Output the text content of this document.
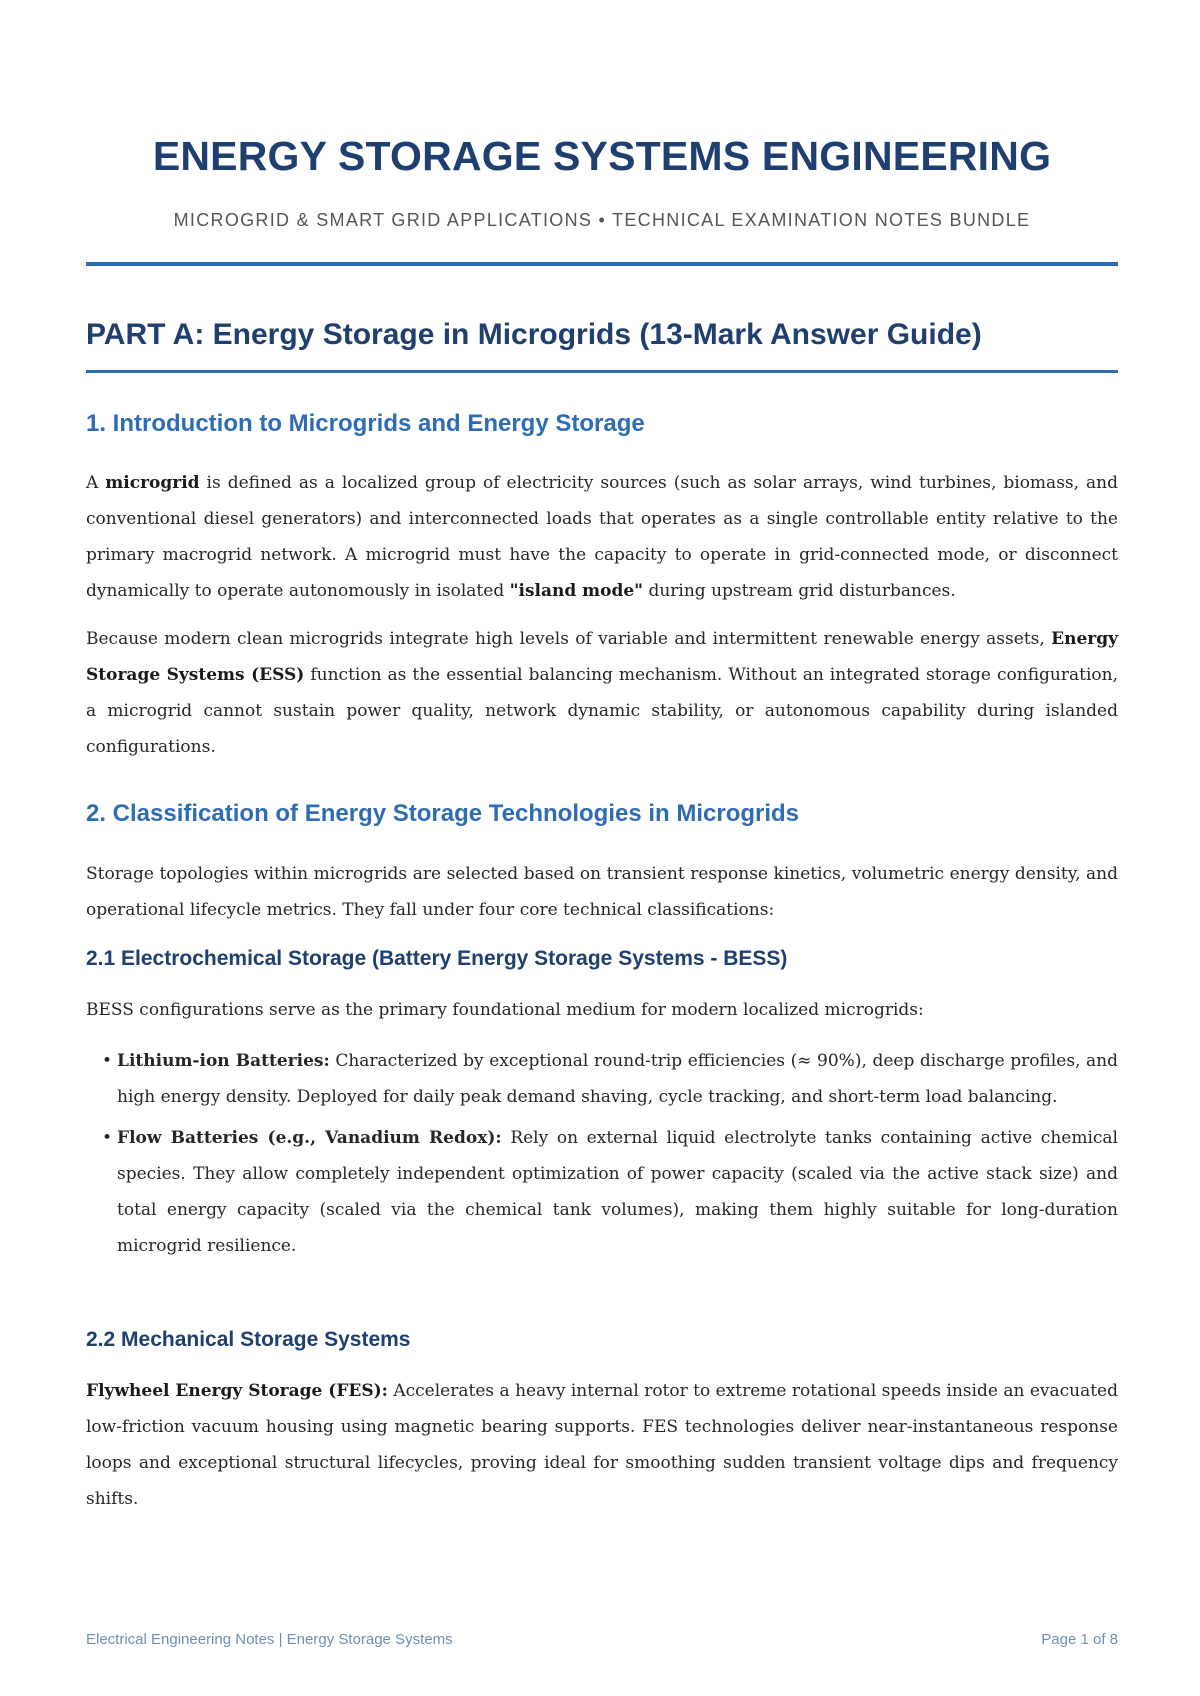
ENERGY STORAGE SYSTEMS ENGINEERING
MICROGRID & SMART GRID APPLICATIONS • TECHNICAL EXAMINATION NOTES BUNDLE
PART A: Energy Storage in Microgrids (13-Mark Answer Guide)
1. Introduction to Microgrids and Energy Storage

A microgrid is defined as a localized group of electricity sources (such as solar arrays, wind turbines, biomass, and conventional diesel generators) and interconnected loads that operates as a single controllable entity relative to the primary macrogrid network. A microgrid must have the capacity to operate in grid-connected mode, or disconnect dynamically to operate autonomously in isolated "island mode" during upstream grid disturbances.

Because modern clean microgrids integrate high levels of variable and intermittent renewable energy assets, Energy Storage Systems (ESS) function as the essential balancing mechanism. Without an integrated storage configuration, a microgrid cannot sustain power quality, network dynamic stability, or autonomous capability during islanded configurations.

2. Classification of Energy Storage Technologies in Microgrids

Storage topologies within microgrids are selected based on transient response kinetics, volumetric energy density, and operational lifecycle metrics. They fall under four core technical classifications:

2.1 Electrochemical Storage (Battery Energy Storage Systems - BESS)

BESS configurations serve as the primary foundational medium for modern localized microgrids:

• Lithium-ion Batteries: Characterized by exceptional round-trip efficiencies (≈ 90%), deep discharge profiles, and high energy density. Deployed for daily peak demand shaving, cycle tracking, and short-term load balancing.
• Flow Batteries (e.g., Vanadium Redox): Rely on external liquid electrolyte tanks containing active chemical species. They allow completely independent optimization of power capacity (scaled via the active stack size) and total energy capacity (scaled via the chemical tank volumes), making them highly suitable for long-duration microgrid resilience.
2.2 Mechanical Storage Systems

Flywheel Energy Storage (FES): Accelerates a heavy internal rotor to extreme rotational speeds inside an evacuated low-friction vacuum housing using magnetic bearing supports. FES technologies deliver near-instantaneous response loops and exceptional structural lifecycles, proving ideal for smoothing sudden transient voltage dips and frequency shifts.

Electrical Engineering Notes | Energy Storage Systems	Page 1 of 8
